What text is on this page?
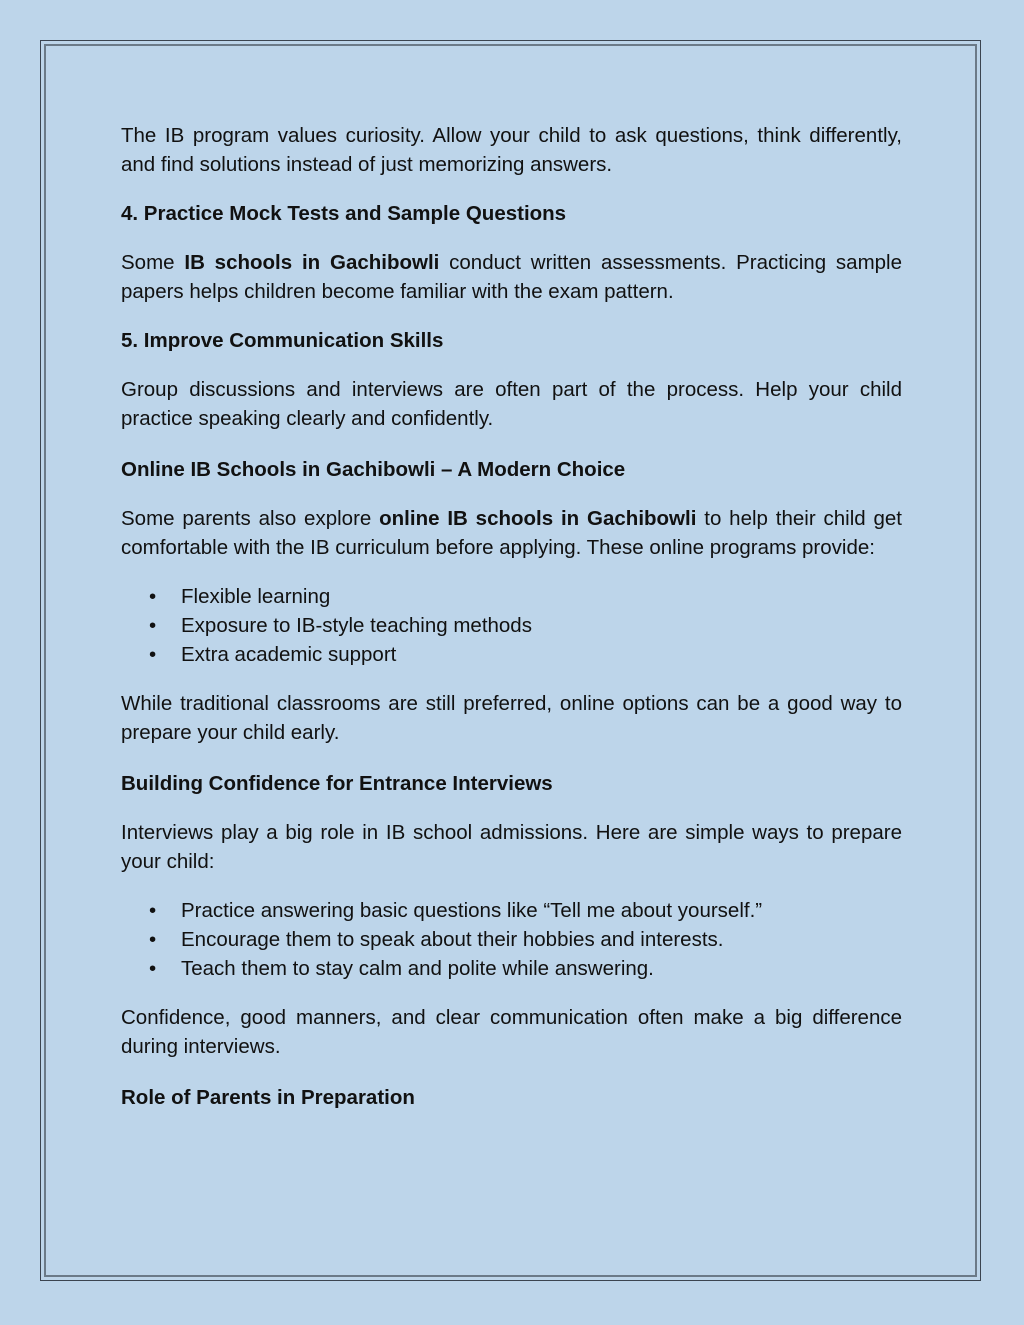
The IB program values curiosity. Allow your child to ask questions, think differently, and find solutions instead of just memorizing answers.

4. Practice Mock Tests and Sample Questions

Some IB schools in Gachibowli conduct written assessments. Practicing sample papers helps children become familiar with the exam pattern.

5. Improve Communication Skills

Group discussions and interviews are often part of the process. Help your child practice speaking clearly and confidently.

Online IB Schools in Gachibowli – A Modern Choice

Some parents also explore online IB schools in Gachibowli to help their child get comfortable with the IB curriculum before applying. These online programs provide:

• Flexible learning
• Exposure to IB-style teaching methods
• Extra academic support

While traditional classrooms are still preferred, online options can be a good way to prepare your child early.

Building Confidence for Entrance Interviews

Interviews play a big role in IB school admissions. Here are simple ways to prepare your child:

• Practice answering basic questions like “Tell me about yourself.”
• Encourage them to speak about their hobbies and interests.
• Teach them to stay calm and polite while answering.

Confidence, good manners, and clear communication often make a big difference during interviews.

Role of Parents in Preparation
